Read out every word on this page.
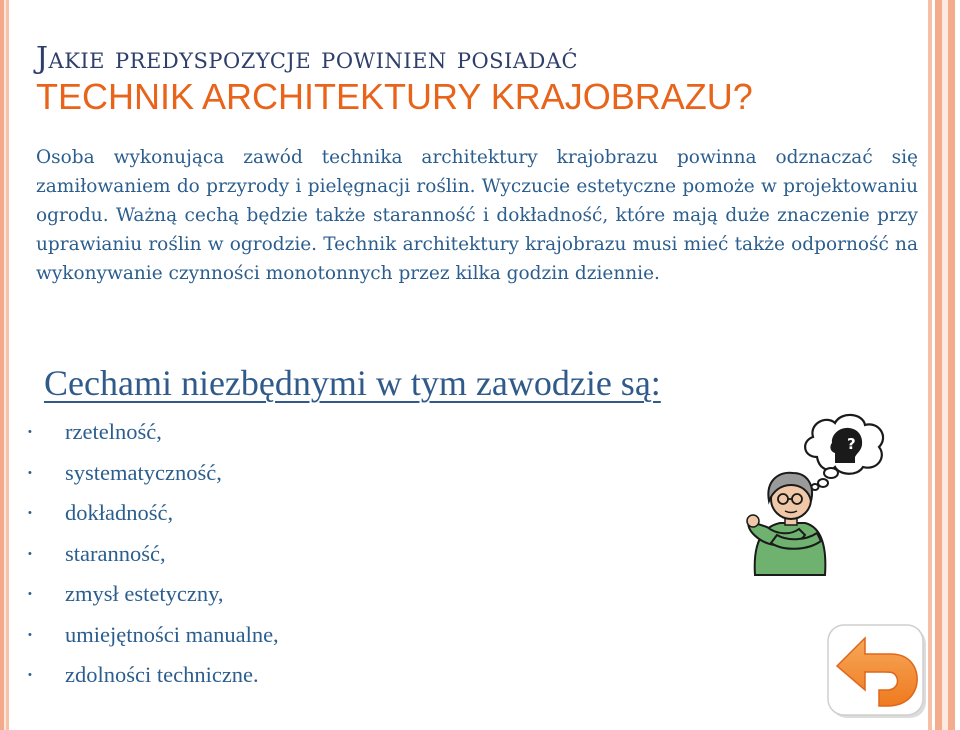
Jakie predyspozycje powinien posiadać
TECHNIK ARCHITEKTURY KRAJOBRAZU?

Osoba wykonująca zawód technika architektury krajobrazu powinna odznaczać się zamiłowaniem do przyrody i pielęgnacji roślin. Wyczucie estetyczne pomoże w projektowaniu ogrodu. Ważną cechą będzie także staranność i dokładność, które mają duże znaczenie przy uprawianiu roślin w ogrodzie. Technik architektury krajobrazu musi mieć także odporność na wykonywanie czynności monotonnych przez kilka godzin dziennie.

Cechami niezbędnymi w tym zawodzie są:
•	rzetelność,
•	systematyczność,
•	dokładność,
•	staranność,
•	zmysł estetyczny,
•	umiejętności manualne,
•	zdolności techniczne.
?
